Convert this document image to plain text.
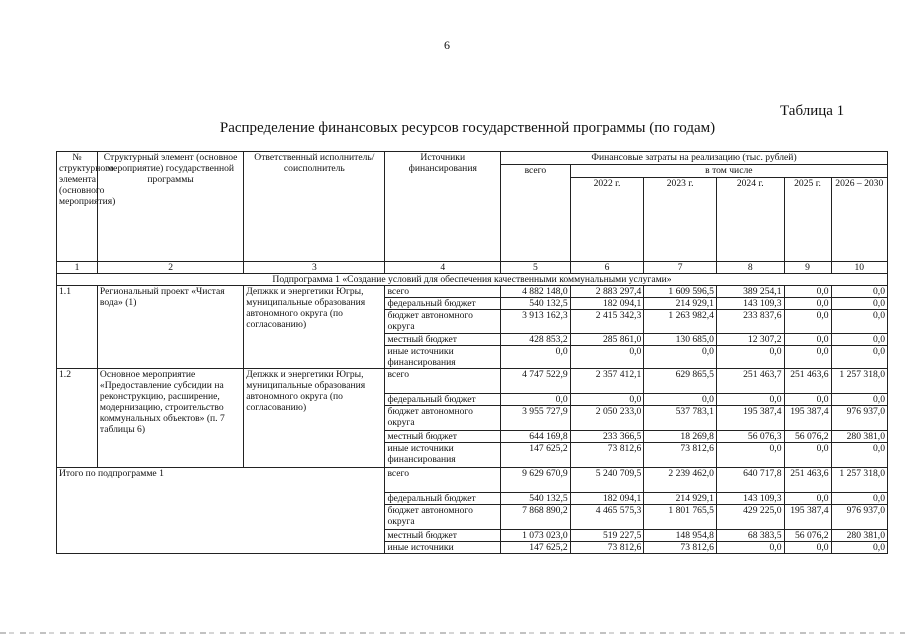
6
Таблица 1
Распределение финансовых ресурсов государственной программы (по годам)
№ структурного элемента (основного мероприятия)	Структурный элемент (основное мероприятие) государственной программы	Ответственный исполнитель/соисполнитель	Источники финансирования	Финансовые затраты на реализацию (тыс. рублей)					
				всего	в том числе				
					2022 г.	2023 г.	2024 г.	2025 г.	2026 – 2030
1	2	3	4	5	6	7	8	9	10
Подпрограмма 1 «Создание условий для обеспечения качественными коммунальными услугами»									
1.1	Региональный проект «Чистая вода» (1)	Депжкк и энергетики Югры, муниципальные образования автономного округа (по согласованию)	всего	4 882 148,0	2 883 297,4	1 609 596,5	389 254,1	0,0	0,0
			федеральный бюджет	540 132,5	182 094,1	214 929,1	143 109,3	0,0	0,0
			бюджет автономного округа	3 913 162,3	2 415 342,3	1 263 982,4	233 837,6	0,0	0,0
			местный бюджет	428 853,2	285 861,0	130 685,0	12 307,2	0,0	0,0
			иные источники финансирования	0,0	0,0	0,0	0,0	0,0	0,0
1.2	Основное мероприятие «Предоставление субсидии на реконструкцию, расширение, модернизацию, строительство коммунальных объектов» (п. 7 таблицы 6)	Депжкк и энергетики Югры, муниципальные образования автономного округа (по согласованию)	всего	4 747 522,9	2 357 412,1	629 865,5	251 463,7	251 463,6	1 257 318,0
			федеральный бюджет	0,0	0,0	0,0	0,0	0,0	0,0
			бюджет автономного округа	3 955 727,9	2 050 233,0	537 783,1	195 387,4	195 387,4	976 937,0
			местный бюджет	644 169,8	233 366,5	18 269,8	56 076,3	56 076,2	280 381,0
			иные источники финансирования	147 625,2	73 812,6	73 812,6	0,0	0,0	0,0
Итого по подпрограмме 1			всего	9 629 670,9	5 240 709,5	2 239 462,0	640 717,8	251 463,6	1 257 318,0
			федеральный бюджет	540 132,5	182 094,1	214 929,1	143 109,3	0,0	0,0
			бюджет автономного округа	7 868 890,2	4 465 575,3	1 801 765,5	429 225,0	195 387,4	976 937,0
			местный бюджет	1 073 023,0	519 227,5	148 954,8	68 383,5	56 076,2	280 381,0
			иные источники	147 625,2	73 812,6	73 812,6	0,0	0,0	0,0
